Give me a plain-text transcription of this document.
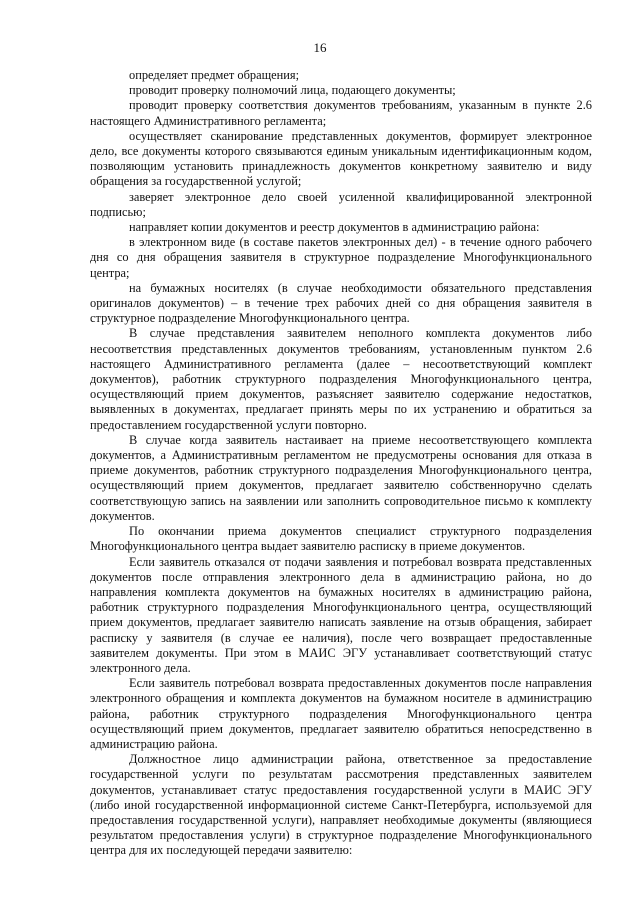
16

определяет предмет обращения;

проводит проверку полномочий лица, подающего документы;

проводит проверку соответствия документов требованиям, указанным в пункте 2.6 настоящего Административного регламента;

осуществляет сканирование представленных документов, формирует электронное дело, все документы которого связываются единым уникальным идентификационным кодом, позволяющим установить принадлежность документов конкретному заявителю и виду обращения за государственной услугой;

заверяет электронное дело своей усиленной квалифицированной электронной подписью;

направляет копии документов и реестр документов в администрацию района:

в электронном виде (в составе пакетов электронных дел) - в течение одного рабочего дня со дня обращения заявителя в структурное подразделение Многофункционального центра;

на бумажных носителях (в случае необходимости обязательного представления оригиналов документов) – в течение трех рабочих дней со дня обращения заявителя в структурное подразделение Многофункционального центра.

В случае представления заявителем неполного комплекта документов либо несоответствия представленных документов требованиям, установленным пунктом 2.6 настоящего Административного регламента (далее – несоответствующий комплект документов), работник структурного подразделения Многофункционального центра, осуществляющий прием документов, разъясняет заявителю содержание недостатков, выявленных в документах, предлагает принять меры по их устранению и обратиться за предоставлением государственной услуги повторно.

В случае когда заявитель настаивает на приеме несоответствующего комплекта документов, а Административным регламентом не предусмотрены основания для отказа в приеме документов, работник структурного подразделения Многофункционального центра, осуществляющий прием документов, предлагает заявителю собственноручно сделать соответствующую запись на заявлении или заполнить сопроводительное письмо к комплекту документов.

По окончании приема документов специалист структурного подразделения Многофункционального центра выдает заявителю расписку в приеме документов.

Если заявитель отказался от подачи заявления и потребовал возврата представленных документов после отправления электронного дела в администрацию района, но до направления комплекта документов на бумажных носителях в администрацию района, работник структурного подразделения Многофункционального центра, осуществляющий прием документов, предлагает заявителю написать заявление на отзыв обращения, забирает расписку у заявителя (в случае ее наличия), после чего возвращает предоставленные заявителем документы. При этом в МАИС ЭГУ устанавливает соответствующий статус электронного дела.

Если заявитель потребовал возврата предоставленных документов после направления электронного обращения и комплекта документов на бумажном носителе в администрацию района, работник структурного подразделения Многофункционального центра осуществляющий прием документов, предлагает заявителю обратиться непосредственно в администрацию района.

Должностное лицо администрации района, ответственное за предоставление государственной услуги по результатам рассмотрения представленных заявителем документов, устанавливает статус предоставления государственной услуги в МАИС ЭГУ (либо иной государственной информационной системе Санкт-Петербурга, используемой для предоставления государственной услуги), направляет необходимые документы (являющиеся результатом предоставления услуги) в структурное подразделение Многофункционального центра для их последующей передачи заявителю:
